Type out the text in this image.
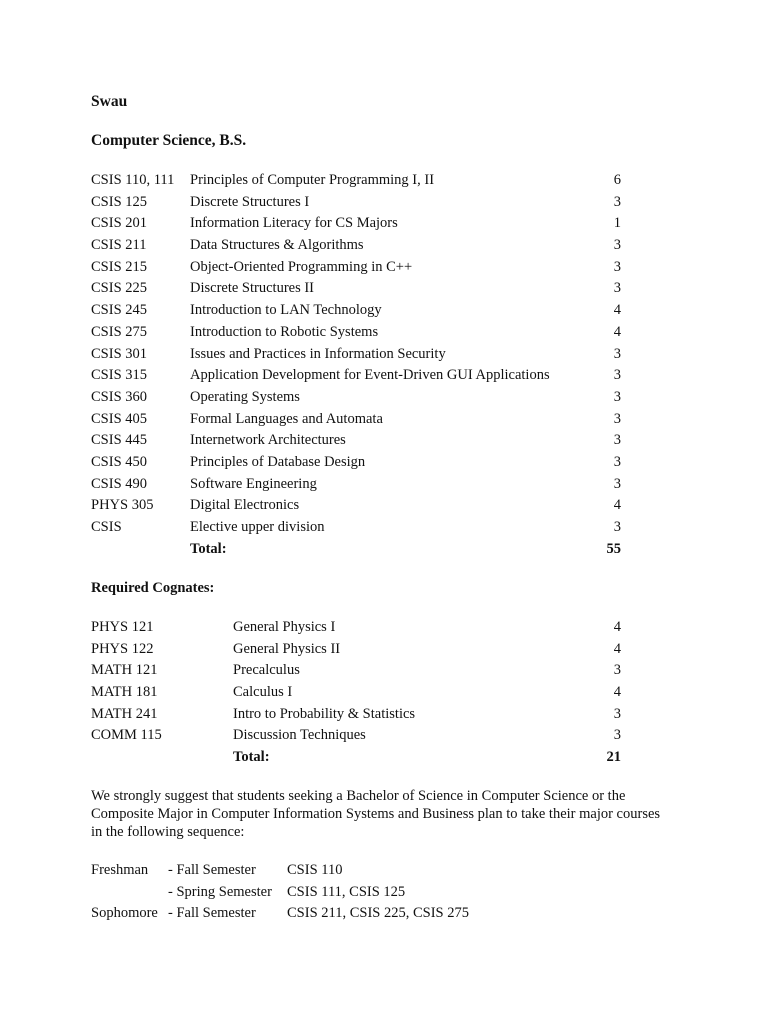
Swau
Computer Science, B.S.
CSIS 110, 111 Principles of Computer Programming I, II	6
CSIS 125	Discrete Structures I	3
CSIS 201	Information Literacy for CS Majors	1
CSIS 211	Data Structures & Algorithms	3
CSIS 215	Object-Oriented Programming in C++	3
CSIS 225	Discrete Structures II	3
CSIS 245	Introduction to LAN Technology	4
CSIS 275	Introduction to Robotic Systems	4
CSIS 301	Issues and Practices in Information Security	3
CSIS 315	Application Development for Event-Driven GUI Applications	3
CSIS 360	Operating Systems	3
CSIS 405	Formal Languages and Automata	3
CSIS 445	Internetwork Architectures	3
CSIS 450	Principles of Database Design	3
CSIS 490	Software Engineering	3
PHYS 305	Digital Electronics	4
CSIS	Elective upper division	3
Total:	55
Required Cognates:
PHYS 121	General Physics I	4
PHYS 122	General Physics II	4
MATH 121	Precalculus	3
MATH 181	Calculus I	4
MATH 241	Intro to Probability & Statistics	3
COMM 115	Discussion Techniques	3
Total:	21
We strongly suggest that students seeking a Bachelor of Science in Computer Science or the Composite Major in Computer Information Systems and Business plan to take their major courses in the following sequence:
Freshman - Fall Semester CSIS 110
- Spring Semester CSIS 111, CSIS 125
Sophomore - Fall Semester CSIS 211, CSIS 225, CSIS 275
